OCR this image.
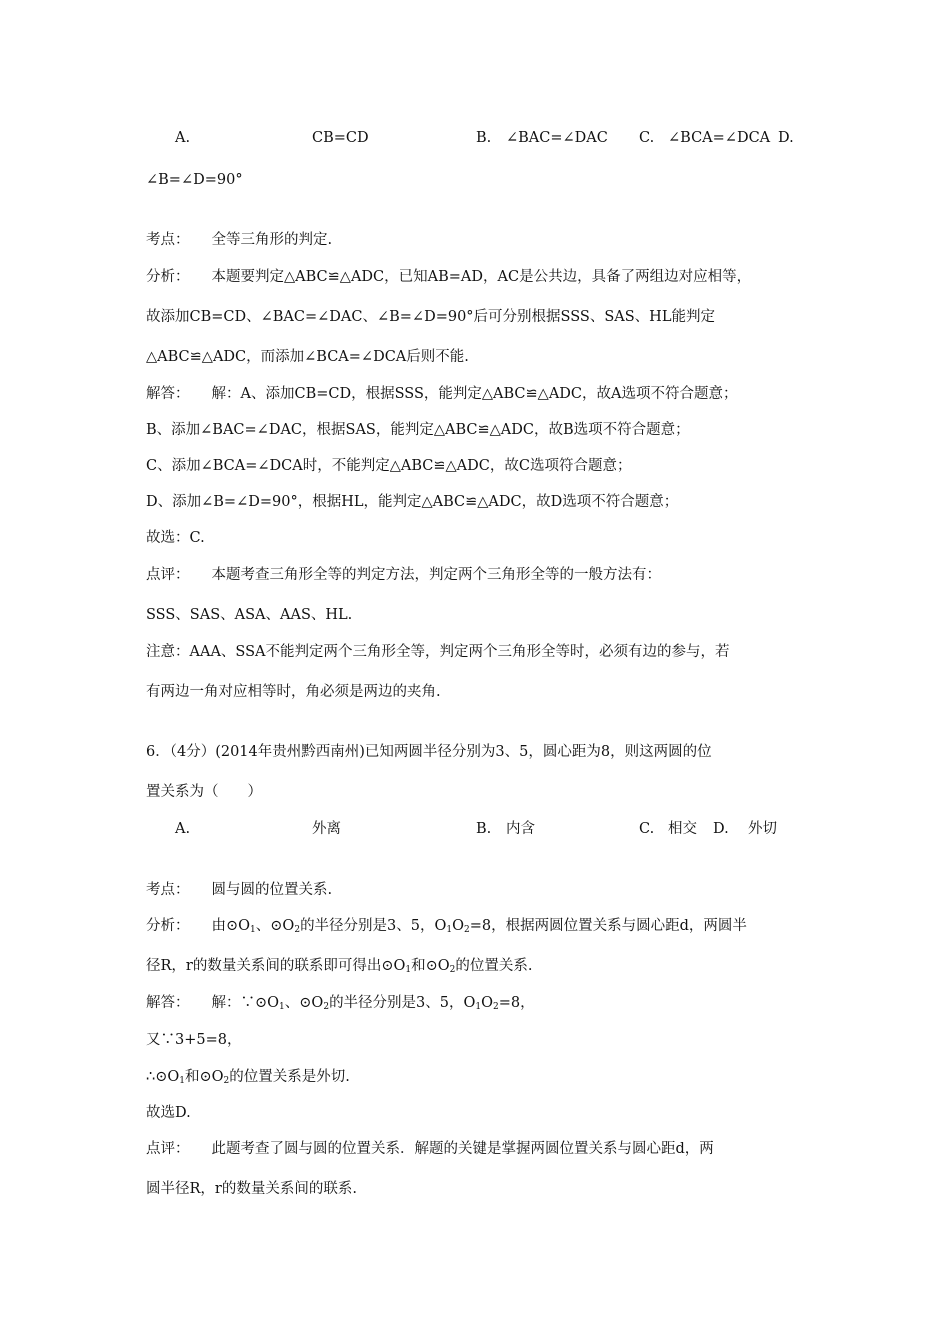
A.	CB=CD	B. ∠BAC=∠DAC C. ∠BCA=∠DCA D.
∠B=∠D=90°
考点： 全等三角形的判定.
分析： 本题要判定△ABC≌△ADC，已知AB=AD，AC是公共边，具备了两组边对应相等，
故添加CB=CD、∠BAC=∠DAC、∠B=∠D=90°后可分别根据SSS、SAS、HL能判定
△ABC≌△ADC，而添加∠BCA=∠DCA后则不能.
解答： 解：A、添加CB=CD，根据SSS，能判定△ABC≌△ADC，故A选项不符合题意；
B、添加∠BAC=∠DAC，根据SAS，能判定△ABC≌△ADC，故B选项不符合题意；
C、添加∠BCA=∠DCA时，不能判定△ABC≌△ADC，故C选项符合题意；
D、添加∠B=∠D=90°，根据HL，能判定△ABC≌△ADC，故D选项不符合题意；
故选：C.
点评： 本题考查三角形全等的判定方法，判定两个三角形全等的一般方法有：
SSS、SAS、ASA、AAS、HL.
注意：AAA、SSA不能判定两个三角形全等，判定两个三角形全等时，必须有边的参与，若
有两边一角对应相等时，角必须是两边的夹角.
6．（4分）(2014年贵州黔西南州)已知两圆半径分别为3、5，圆心距为8，则这两圆的位
置关系为（　　）
A.	外离	B. 内含	C. 相交 D. 外切
考点： 圆与圆的位置关系.
分析： 由$⊙O_1$、$⊙O_2$的半径分别是3、5，$O_1O_2=8$，根据两圆位置关系与圆心距d，两圆半
径R，r的数量关系间的联系即可得出$⊙O_1$和$⊙O_2$的位置关系.
解答： 解：$\because⊙O_1$、$⊙O_2$的半径分别是3、5，$O_1O_2=8$，
又∵3+5=8，
$\therefore⊙O_1$和$⊙O_2$的位置关系是外切.
故选D.
点评： 此题考查了圆与圆的位置关系．解题的关键是掌握两圆位置关系与圆心距d，两
圆半径R，r的数量关系间的联系.
